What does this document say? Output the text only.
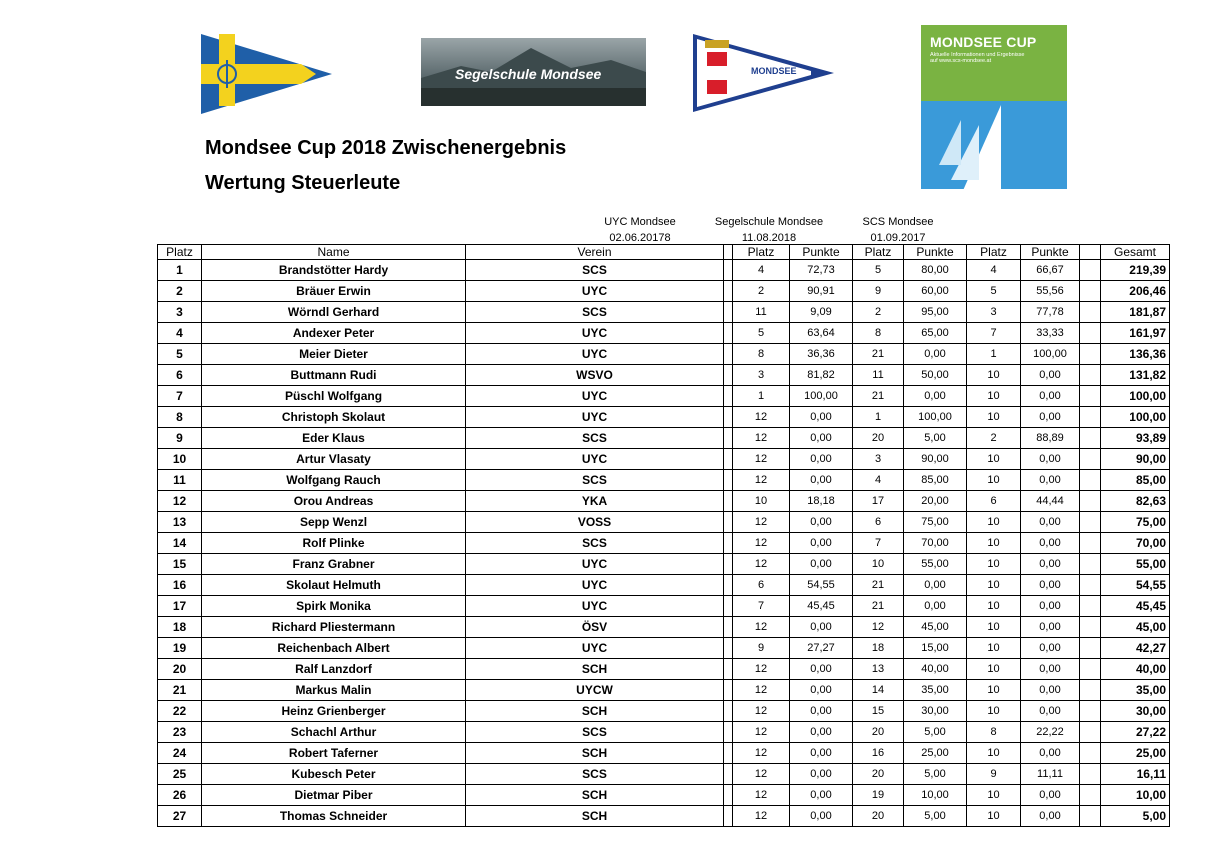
Segelschule Mondsee	MONDSEE
MONDSEE CUP
Aktuelle Informationen und Ergebnisse
auf www.scs-mondsee.at
Mondsee Cup 2018 Zwischenergebnis
Wertung Steuerleute
UYC Mondsee
02.06.20178
Segelschule Mondsee
11.08.2018
SCS Mondsee
01.09.2017
Platz	Name	Verein		Platz	Punkte	Platz	Punkte	Platz	Punkte		Gesamt
1	Brandstötter Hardy	SCS		4	72,73	5	80,00	4	66,67		219,39
2	Bräuer Erwin	UYC		2	90,91	9	60,00	5	55,56		206,46
3	Wörndl Gerhard	SCS		11	9,09	2	95,00	3	77,78		181,87
4	Andexer Peter	UYC		5	63,64	8	65,00	7	33,33		161,97
5	Meier Dieter	UYC		8	36,36	21	0,00	1	100,00		136,36
6	Buttmann Rudi	WSVO		3	81,82	11	50,00	10	0,00		131,82
7	Püschl Wolfgang	UYC		1	100,00	21	0,00	10	0,00		100,00
8	Christoph Skolaut	UYC		12	0,00	1	100,00	10	0,00		100,00
9	Eder Klaus	SCS		12	0,00	20	5,00	2	88,89		93,89
10	Artur Vlasaty	UYC		12	0,00	3	90,00	10	0,00		90,00
11	Wolfgang Rauch	SCS		12	0,00	4	85,00	10	0,00		85,00
12	Orou Andreas	YKA		10	18,18	17	20,00	6	44,44		82,63
13	Sepp Wenzl	VOSS		12	0,00	6	75,00	10	0,00		75,00
14	Rolf Plinke	SCS		12	0,00	7	70,00	10	0,00		70,00
15	Franz Grabner	UYC		12	0,00	10	55,00	10	0,00		55,00
16	Skolaut Helmuth	UYC		6	54,55	21	0,00	10	0,00		54,55
17	Spirk Monika	UYC		7	45,45	21	0,00	10	0,00		45,45
18	Richard Pliestermann	ÖSV		12	0,00	12	45,00	10	0,00		45,00
19	Reichenbach Albert	UYC		9	27,27	18	15,00	10	0,00		42,27
20	Ralf Lanzdorf	SCH		12	0,00	13	40,00	10	0,00		40,00
21	Markus Malin	UYCW		12	0,00	14	35,00	10	0,00		35,00
22	Heinz Grienberger	SCH		12	0,00	15	30,00	10	0,00		30,00
23	Schachl Arthur	SCS		12	0,00	20	5,00	8	22,22		27,22
24	Robert Taferner	SCH		12	0,00	16	25,00	10	0,00		25,00
25	Kubesch Peter	SCS		12	0,00	20	5,00	9	11,11		16,11
26	Dietmar Piber	SCH		12	0,00	19	10,00	10	0,00		10,00
27	Thomas Schneider	SCH		12	0,00	20	5,00	10	0,00		5,00
